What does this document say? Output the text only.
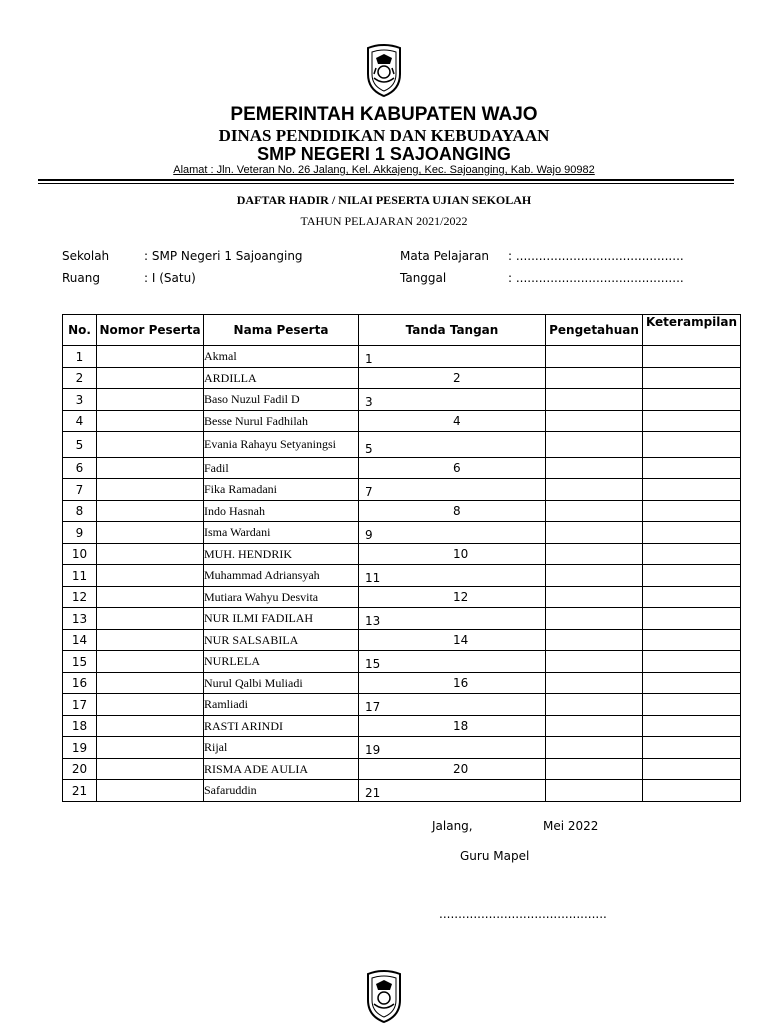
PEMERINTAH KABUPATEN WAJO
DINAS PENDIDIKAN DAN KEBUDAYAAN
SMP NEGERI 1 SAJOANGING
Alamat : Jln. Veteran No. 26 Jalang, Kel. Akkajeng, Kec. Sajoanging, Kab. Wajo 90982
DAFTAR HADIR / NILAI PESERTA UJIAN SEKOLAH
TAHUN PELAJARAN 2021/2022
Sekolah	: SMP Negeri 1 Sajoanging
Ruang	: I (Satu)
Mata Pelajaran : ............................................
Tanggal	: ............................................
No.	Nomor Peserta	Nama Peserta	Tanda Tangan	Pengetahuan	Keterampilan
1		Akmal	1		
2		ARDILLA	2		
3		Baso Nuzul Fadil D	3		
4		Besse Nurul Fadhilah	4		
5		Evania Rahayu Setyaningsi	5		
6		Fadil	6		
7		Fika Ramadani	7		
8		Indo Hasnah	8		
9		Isma Wardani	9		
10		MUH. HENDRIK	10		
11		Muhammad Adriansyah	11		
12		Mutiara Wahyu Desvita	12		
13		NUR ILMI FADILAH	13		
14		NUR SALSABILA	14		
15		NURLELA	15		
16		Nurul Qalbi Muliadi	16		
17		Ramliadi	17		
18		RASTI ARINDI	18		
19		Rijal	19		
20		RISMA ADE AULIA	20		
21		Safaruddin	21		
Jalang,	Mei 2022
Guru Mapel
............................................
